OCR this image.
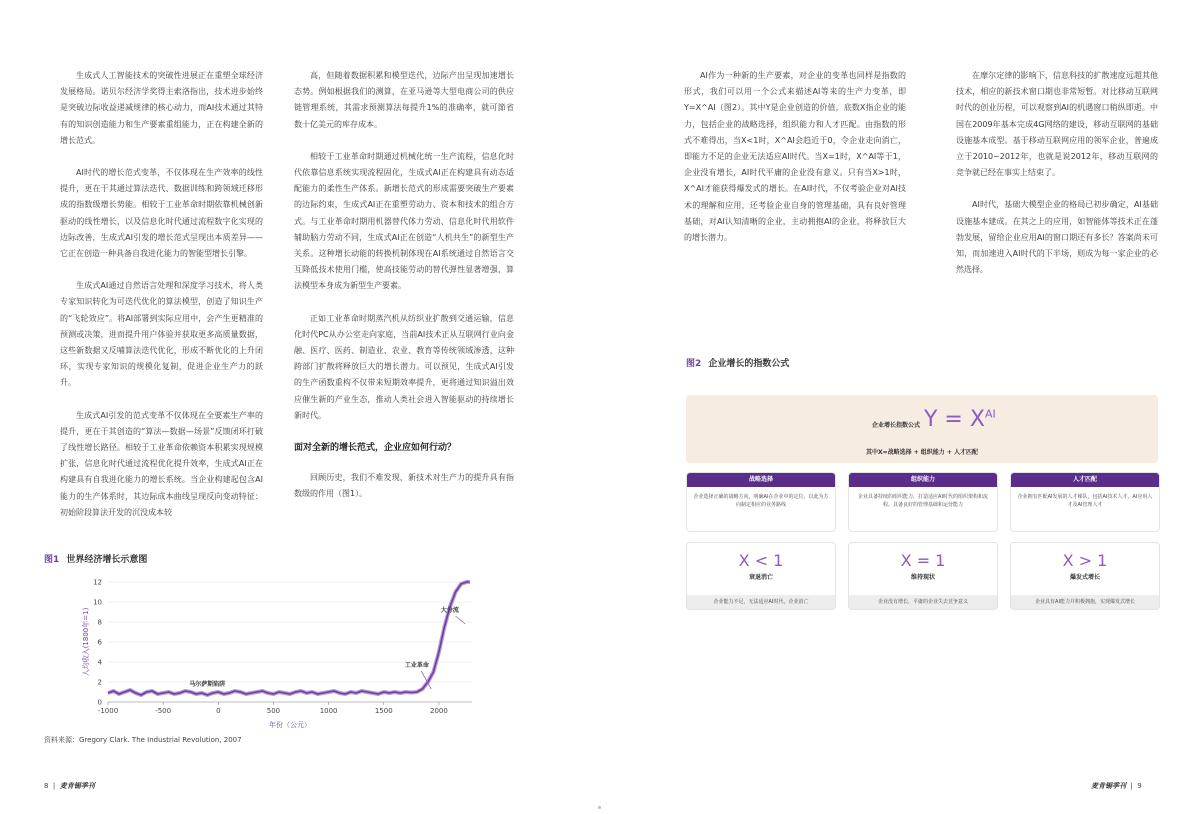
生成式人工智能技术的突破性进展正在重塑全球经济发展格局。诺贝尔经济学奖得主索洛指出，技术进步始终是突破边际收益递减规律的核心动力，而AI技术通过其特有的知识创造能力和生产要素重组能力，正在构建全新的增长范式。

AI时代的增长范式变革，不仅体现在生产效率的线性提升，更在于其通过算法迭代、数据训练和跨领域迁移形成的指数级增长势能。相较于工业革命时期依靠机械创新驱动的线性增长，以及信息化时代通过流程数字化实现的边际改善，生成式AI引发的增长范式呈现出本质差异——它正在创造一种具备自我进化能力的智能型增长引擎。

生成式AI通过自然语言处理和深度学习技术，将人类专家知识转化为可迭代优化的算法模型，创造了知识生产的“飞轮效应”。将AI部署到实际应用中，会产生更精准的预测或决策，进而提升用户体验并获取更多高质量数据，这些新数据又反哺算法迭代优化，形成不断优化的上升闭环，实现专家知识的规模化复制，促进企业生产力的跃升。

生成式AI引发的范式变革不仅体现在全要素生产率的提升，更在于其创造的“算法—数据—场景”反馈闭环打破了线性增长路径。相较于工业革命依赖资本积累实现规模扩张，信息化时代通过流程优化提升效率，生成式AI正在构建具有自我进化能力的增长系统。当企业构建起包含AI能力的生产体系时，其边际成本曲线呈现反向变动特征：初始阶段算法开发的沉没成本较

高，但随着数据积累和模型迭代，边际产出呈现加速增长态势。例如根据我们的测算，在亚马逊等大型电商公司的供应链管理系统，其需求预测算法每提升1%的准确率，就可節省数十亿美元的库存成本。

相较于工业革命时期通过机械化统一生产流程，信息化时代依靠信息系统实现流程固化，生成式AI正在构建具有动态适配能力的柔性生产体系。新增长范式的形成需要突破生产要素的边际约束，生成式AI正在重塑劳动力、资本和技术的组合方式。与工业革命时期用机器替代体力劳动、信息化时代用软件辅助脑力劳动不同，生成式AI正在创造“人机共生”的新型生产关系。这种增长动能的转换机制体现在AI系统通过自然语言交互降低技术使用门槛，使高技能劳动的替代弹性显著增强，算法模型本身成为新型生产要素。

正如工业革命时期蒸汽机从纺织业扩散到交通运输，信息化时代PC从办公室走向家庭，当前AI技术正从互联网行业向金融、医疗、医药、制造业、农业、教育等传统领域渗透，这种跨部门扩散将释放巨大的增长潜力。可以预见，生成式AI引发的生产函数重构不仅带来短期效率提升，更将通过知识溢出效应催生新的产业生态，推动人类社会进入智能驱动的持续增长新时代。

面对全新的增长范式，企业应如何行动？

回顾历史，我们不难发现，新技术对生产力的提升具有指数级的作用（图1）。

图1 世界经济增长示意图
0
2
4
6
8
10
12
-1000	-500	0	500	1000	1500	2000
马尔萨斯陷阱
工业革命
大分流
年份（公元）
人均收入(1800年=1)
资料来源：Gregory Clark. The Industrial Revolution, 2007
8  |  麦肯锡季刊

AI作为一种新的生产要素，对企业的变革也同样是指数的形式，我们可以用一个公式来描述AI等来的生产力变革，即Y=X^AI（图2）。其中Y是企业创造的价值，底数X指企业的能力，包括企业的战略选择，组织能力和人才匹配。由指数的形式不难得出，当X<1时，X^AI会趋近于0，令企业走向消亡，即能力不足的企业无法适应AI时代。当X=1时，X^AI等于1，企业没有增长，AI时代平庸的企业没有意义。只有当X>1时，X^AI才能获得爆发式的增长。在AI时代，不仅考验企业对AI技术的理解和应用，还考验企业自身的管理基础，具有良好管理基础，对AI认知清晰的企业，主动拥抱AI的企业，将释放巨大的增长潜力。

在摩尔定律的影响下，信息科技的扩散速度远超其他技术，相应的新技术窗口期也非常短暂。对比移动互联网时代的创业历程，可以观察到AI的机遇窗口稍纵即逝。中国在2009年基本完成4G网络的建设，移动互联网的基础设施基本成型。基于移动互联网应用的领军企业，普遍成立于2010~2012年，也就是说2012年，移动互联网的竞争就已经在事实上结束了。

AI时代，基础大模型企业的格局已初步确定，AI基础设施基本建成。在其之上的应用，如智能体等技术正在蓬勃发展，留给企业应用AI的窗口期还有多长？答案尚未可知，而加速进入AI时代的下半场，则成为每一家企业的必然选择。

图2 企业增长的指数公式
企业增长指数公式 $Y = X^{AI}$
其中X=战略选择 + 组织能力 + 人才匹配
战略选择
企业选择正确的战略方向，明确AI在企业中的定位，以此为方向制定相应的业务路线
组织能力
企业具备持续的组织能力，打造适应AI时代的组织架构和流程，具备良好的管理基础和运营能力
人才匹配
企业拥有匹配AI发展的人才梯队，包括AI技术人才、AI应用人才及AI管理人才
X < 1
衰退消亡
企业能力不足，无法适应AI时代，企业消亡
X = 1
维持现状
企业没有增长，平庸的企业失去竞争意义
X > 1
爆发式增长
企业具有AI能力并积极拥抱，实现爆发式增长
麦肯锡季刊  |  9
